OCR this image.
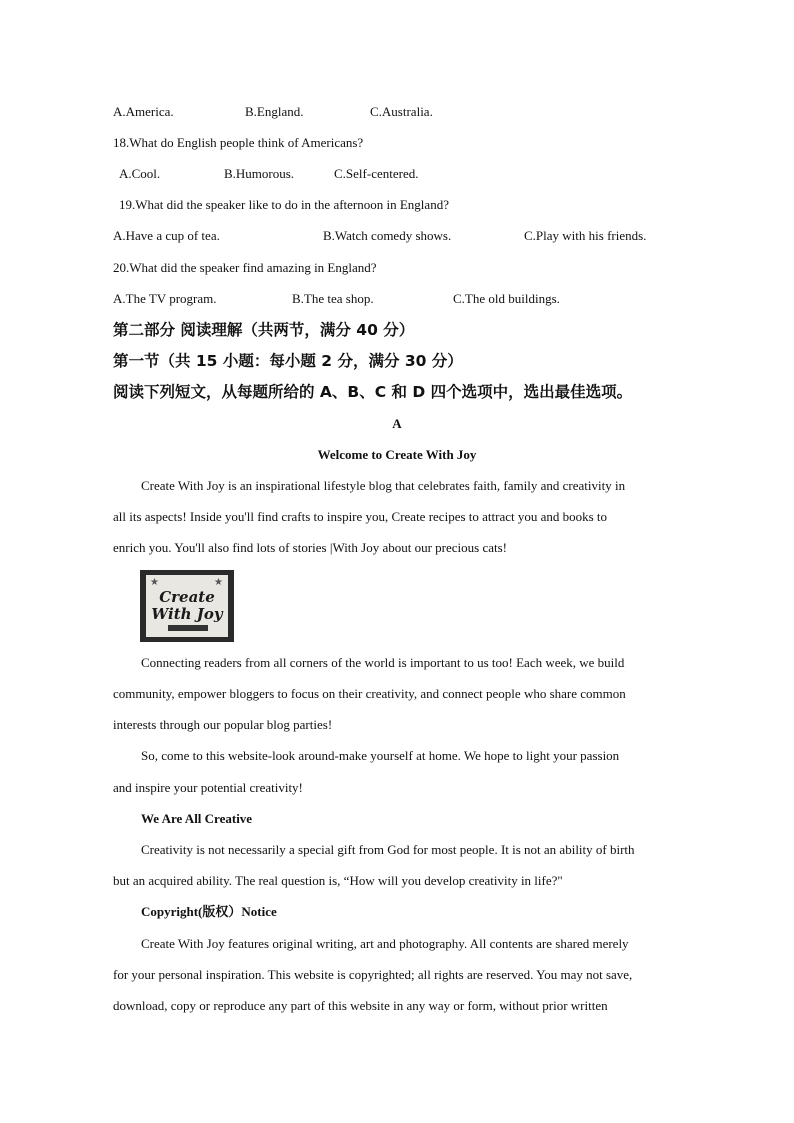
A.America.	B.England.	C.Australia.
18.What do English people think of Americans?
A.Cool.	B.Humorous.	C.Self-centered.
19.What did the speaker like to do in the afternoon in England?
A.Have a cup of tea.	B.Watch comedy shows.	C.Play with his friends.
20.What did the speaker find amazing in England?
A.The TV program.	B.The tea shop.	C.The old buildings.
第二部分 阅读理解（共两节，满分 40 分）
第一节（共 15 小题：每小题 2 分，满分 30 分）
阅读下列短文，从每题所给的 A、B、C 和 D 四个选项中，选出最佳选项。
A
Welcome to Create With Joy
Create With Joy is an inspirational lifestyle blog that celebrates faith, family and creativity in
all its aspects! Inside you'll find crafts to inspire you, Create recipes to attract you and books to
enrich you. You'll also find lots of stories |With Joy about our precious cats!
★	★
Create
With Joy
Connecting readers from all corners of the world is important to us too! Each week, we build
community, empower bloggers to focus on their creativity, and connect people who share common
interests through our popular blog parties!
So, come to this website-look around-make yourself at home. We hope to light your passion
and inspire your potential creativity!
We Are All Creative
Creativity is not necessarily a special gift from God for most people. It is not an ability of birth
but an acquired ability. The real question is, “How will you develop creativity in life?"
Copyright(版权）Notice
Create With Joy features original writing, art and photography. All contents are shared merely
for your personal inspiration. This website is copyrighted; all rights are reserved. You may not save,
download, copy or reproduce any part of this website in any way or form, without prior written
